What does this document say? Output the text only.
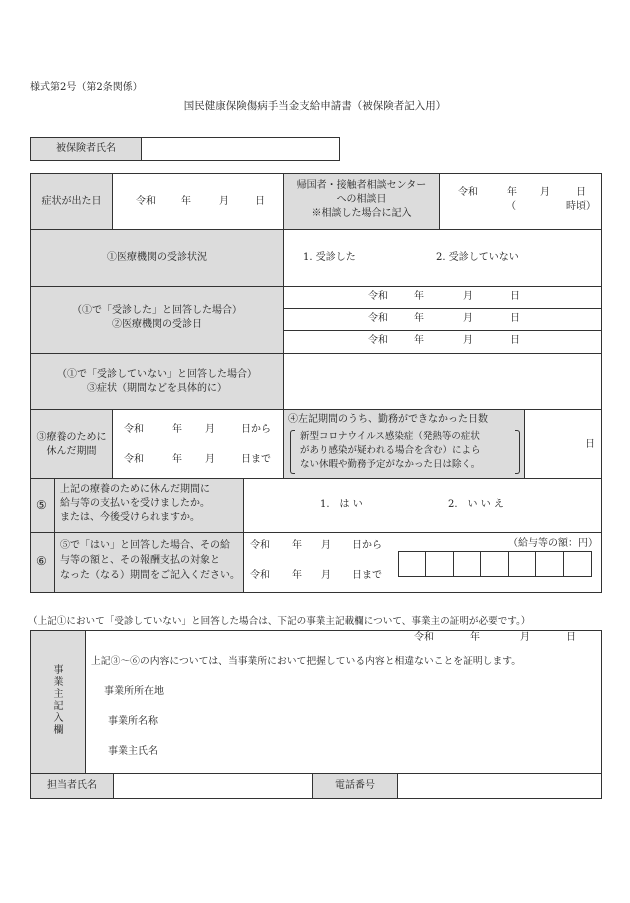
様式第2号（第2条関係）
国民健康保険傷病手当金支給申請書（被保険者記入用）
被保険者氏名
症状が出た日	令和	年	月	日
帰国者・接触者相談センター
への相談日
※相談した場合に記入
令和	年 月	日
（	時頃）
①医療機関の受診状況	1. 受診した	2. 受診していない
（①で「受診した」と回答した場合）
②医療機関の受診日
令和	年	月	日
令和	年	月	日
令和	年	月	日
（①で「受診していない」と回答した場合）
③症状（期間などを具体的に）
③療養のために
休んだ期間
令和	年 月	日から
令和	年 月	日まで
④左記期間のうち、勤務ができなかった日数
新型コロナウイルス感染症（発熱等の症状
があり感染が疑われる場合を含む）によら
ない休暇や勤務予定がなかった日は除く。
日
⑤
上記の療養のために休んだ期間に
給与等の支払いを受けましたか。
または、今後受けられますか。
1.　は い	2.　い い え
⑥
⑤で「はい」と回答した場合、その給
与等の額と、その報酬支払の対象と
なった（なる）期間をご記入ください。
令和 年 月 日から
令和 年 月 日まで
（給与等の額：円）
（上記①において「受診していない」と回答した場合は、下記の事業主記載欄について、事業主の証明が必要です。）
事業主記入欄
令和	年	月	日
上記③～⑥の内容については、当事業所において把握している内容と相違ないことを証明します。
事業所所在地
事業所名称
事業主氏名
担当者氏名	電話番号
